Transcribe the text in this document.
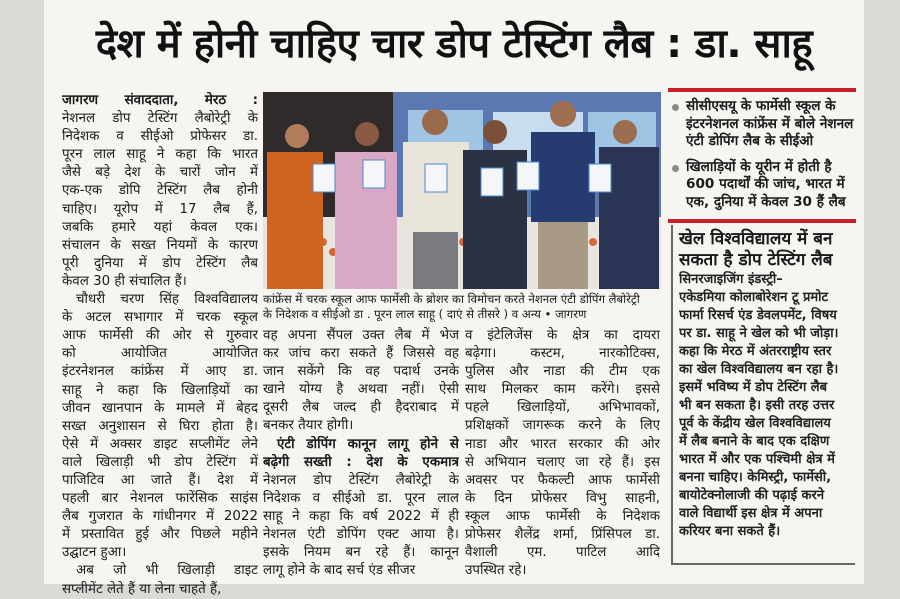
देश में होनी चाहिए चार डोप टेस्टिंग लैब : डा. साहू
जागरण संवाददाता, मेरठ :
नेशनल डोप टेस्टिंग लैबोरेट्री के
निदेशक व सीईओ प्रोफेसर डा.
पूरन लाल साहू ने कहा कि भारत
जैसे बड़े देश के चारों जोन में
एक-एक डोपि टेस्टिंग लैब होनी
चाहिए। यूरोप में 17 लैब हैं,
जबकि हमारे यहां केवल एक।
संचालन के सख्त नियमों के कारण
पूरी दुनिया में डोप टेस्टिंग लैब
केवल 30 ही संचालित हैं।
चौधरी चरण सिंह विश्वविद्यालय
के अटल सभागार में चरक स्कूल
आफ फार्मेसी की ओर से गुरुवार
को आयोजित आयोजित
इंटरनेशनल कांफ्रेंस में आए डा.
साहू ने कहा कि खिलाड़ियों का
जीवन खानपान के मामले में बेहद
सख्त अनुशासन से घिरा होता है।
ऐसे में अक्सर डाइट सप्लीमेंट लेने
वाले खिलाड़ी भी डोप टेस्टिंग में
पाजिटिव आ जाते हैं। देश में
पहली बार नेशनल फारेंसिक साइंस
लैब गुजरात के गांधीनगर में 2022
में प्रस्तावित हुई और पिछले महीने
उद्घाटन हुआ।
अब जो भी खिलाड़ी डाइट
सप्लीमेंट लेते हैं या लेना चाहते हैं,
कांफ्रेंस में चरक स्कूल आफ फार्मेसी के ब्रोशर का विमोचन करते नेशनल एंटी डोपिंग लैबोरेट्री
के निदेशक व सीईओ डा . पूरन लाल साहू ( दाएं से तीसरे ) व अन्य • जागरण
वह अपना सैंपल उक्त लैब में भेज
कर जांच करा सकते हैं जिससे वह
जान सकेंगे कि वह पदार्थ उनके
खाने योग्य है अथवा नहीं। ऐसी
दूसरी लैब जल्द ही हैदराबाद में
बनकर तैयार होगी।
एंटी डोपिंग कानून लागू होने से
बढ़ेगी सख्ती : देश के एकमात्र
नेशनल डोप टेस्टिंग लैबोरेट्री के
निदेशक व सीईओ डा. पूरन लाल
साहू ने कहा कि वर्ष 2022 में ही
नेशनल एंटी डोपिंग एक्ट आया है।
इसके नियम बन रहे हैं। कानून
लागू होने के बाद सर्च एंड सीजर
व इंटेलिजेंस के क्षेत्र का दायरा
बढ़ेगा। कस्टम, नारकोटिक्स,
पुलिस और नाडा की टीम एक
साथ मिलकर काम करेंगे। इससे
पहले खिलाड़ियों, अभिभावकों,
प्रशिक्षकों जागरूक करने के लिए
नाडा और भारत सरकार की ओर
से अभियान चलाए जा रहे हैं। इस
अवसर पर फैकल्टी आफ फार्मेसी
के दिन प्रोफेसर विभु साहनी,
स्कूल आफ फार्मेसी के निदेशक
प्रोफेसर शैलेंद्र शर्मा, प्रिंसिपल डा.
वैशाली एम. पाटिल आदि
उपस्थित रहे।
सीसीएसयू के फार्मेसी स्कूल के इंटरनेशनल कांफ्रेंस में बोले नेशनल एंटी डोपिंग लैब के सीईओ
खिलाड़ियों के यूरीन में होती है 600 पदार्थों की जांच, भारत में एक, दुनिया में केवल 30 हैं लैब
खेल विश्वविद्यालय में बन सकता है डोप टेस्टिंग लैब
सिनरजाइजिंग इंडस्ट्री–
एकेडमिया कोलाबोरेशन टू प्रमोट
फार्मा रिसर्च एंड डेवलपमेंट, विषय
पर डा. साहू ने खेल को भी जोड़ा।
कहा कि मेरठ में अंतरराष्ट्रीय स्तर
का खेल विश्वविद्यालय बन रहा है।
इसमें भविष्य में डोप टेस्टिंग लैब
भी बन सकता है। इसी तरह उत्तर
पूर्व के केंद्रीय खेल विश्वविद्यालय
में लैब बनाने के बाद एक दक्षिण
भारत में और एक पश्चिमी क्षेत्र में
बनना चाहिए। केमिस्ट्री, फार्मेसी,
बायोटेक्नोलाजी की पढ़ाई करने
वाले विद्यार्थी इस क्षेत्र में अपना
करियर बना सकते हैं।
